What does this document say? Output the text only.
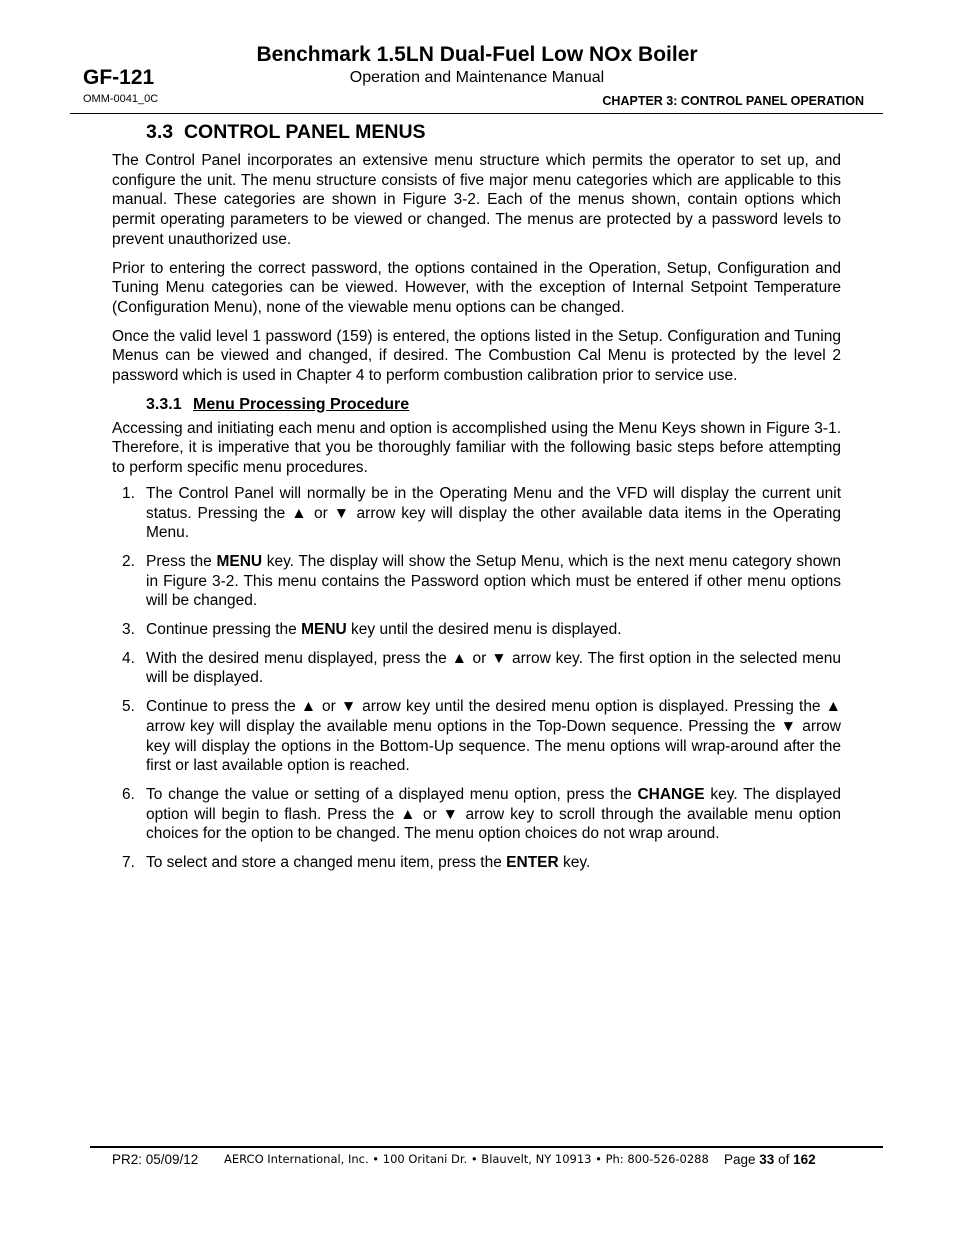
Benchmark 1.5LN Dual-Fuel Low NOx Boiler
Operation and Maintenance Manual
GF-121
OMM-0041_0C	CHAPTER 3: CONTROL PANEL OPERATION
3.3 CONTROL PANEL MENUS

The Control Panel incorporates an extensive menu structure which permits the operator to set up, and configure the unit. The menu structure consists of five major menu categories which are applicable to this manual. These categories are shown in Figure 3-2. Each of the menus shown, contain options which permit operating parameters to be viewed or changed. The menus are protected by a password levels to prevent unauthorized use.

Prior to entering the correct password, the options contained in the Operation, Setup, Configuration and Tuning Menu categories can be viewed. However, with the exception of Internal Setpoint Temperature (Configuration Menu), none of the viewable menu options can be changed.

Once the valid level 1 password (159) is entered, the options listed in the Setup. Configuration and Tuning Menus can be viewed and changed, if desired. The Combustion Cal Menu is protected by the level 2 password which is used in Chapter 4 to perform combustion calibration prior to service use.

3.3.1 Menu Processing Procedure

Accessing and initiating each menu and option is accomplished using the Menu Keys shown in Figure 3-1. Therefore, it is imperative that you be thoroughly familiar with the following basic steps before attempting to perform specific menu procedures.

1. The Control Panel will normally be in the Operating Menu and the VFD will display the current unit status. Pressing the ▲ or ▼ arrow key will display the other available data items in the Operating Menu.
2. Press the MENU key. The display will show the Setup Menu, which is the next menu category shown in Figure 3-2. This menu contains the Password option which must be entered if other menu options will be changed.
3. Continue pressing the MENU key until the desired menu is displayed.
4. With the desired menu displayed, press the ▲ or ▼ arrow key. The first option in the selected menu will be displayed.
5. Continue to press the ▲ or ▼ arrow key until the desired menu option is displayed. Pressing the ▲ arrow key will display the available menu options in the Top-Down sequence. Pressing the ▼ arrow key will display the options in the Bottom-Up sequence. The menu options will wrap-around after the first or last available option is reached.
6. To change the value or setting of a displayed menu option, press the CHANGE key. The displayed option will begin to flash. Press the ▲ or ▼ arrow key to scroll through the available menu option choices for the option to be changed. The menu option choices do not wrap around.
7. To select and store a changed menu item, press the ENTER key.
PR2: 05/09/12 AERCO International, Inc. • 100 Oritani Dr. • Blauvelt, NY 10913 • Ph: 800-526-0288 Page 33 of 162
